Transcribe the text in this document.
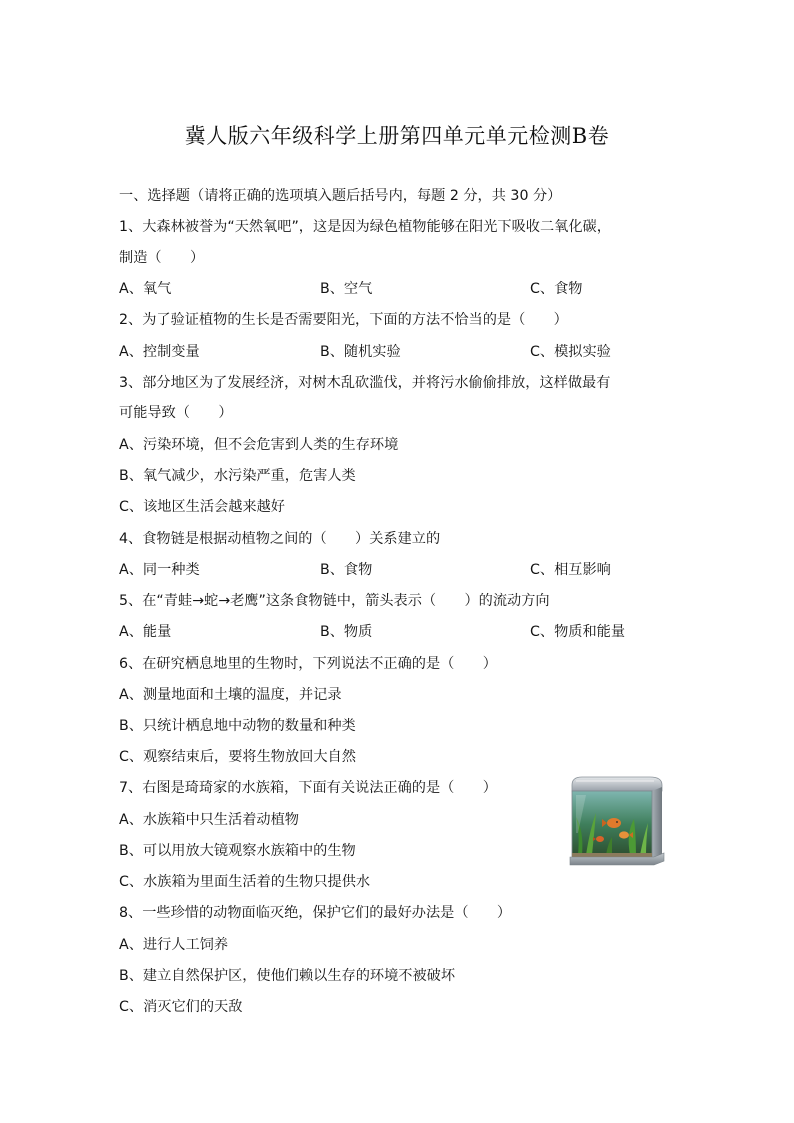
冀人版六年级科学上册第四单元单元检测B卷
一、选择题（请将正确的选项填入题后括号内，每题 2 分，共 30 分）
1、大森林被誉为“天然氧吧”，这是因为绿色植物能够在阳光下吸收二氧化碳，
制造（　　）
A、氧气	B、空气	C、食物
2、为了验证植物的生长是否需要阳光，下面的方法不恰当的是（　　）
A、控制变量	B、随机实验	C、模拟实验
3、部分地区为了发展经济，对树木乱砍滥伐，并将污水偷偷排放，这样做最有
可能导致（　　）
A、污染环境，但不会危害到人类的生存环境
B、氧气减少，水污染严重，危害人类
C、该地区生活会越来越好
4、食物链是根据动植物之间的（　　）关系建立的
A、同一种类	B、食物	C、相互影响
5、在“青蛙→蛇→老鹰”这条食物链中，箭头表示（　　）的流动方向
A、能量	B、物质	C、物质和能量
6、在研究栖息地里的生物时，下列说法不正确的是（　　）
A、测量地面和土壤的温度，并记录
B、只统计栖息地中动物的数量和种类
C、观察结束后，要将生物放回大自然
7、右图是琦琦家的水族箱，下面有关说法正确的是（　　）
A、水族箱中只生活着动植物
B、可以用放大镜观察水族箱中的生物
C、水族箱为里面生活着的生物只提供水
8、一些珍惜的动物面临灭绝，保护它们的最好办法是（　　）
A、进行人工饲养
B、建立自然保护区，使他们赖以生存的环境不被破坏
C、消灭它们的天敌
